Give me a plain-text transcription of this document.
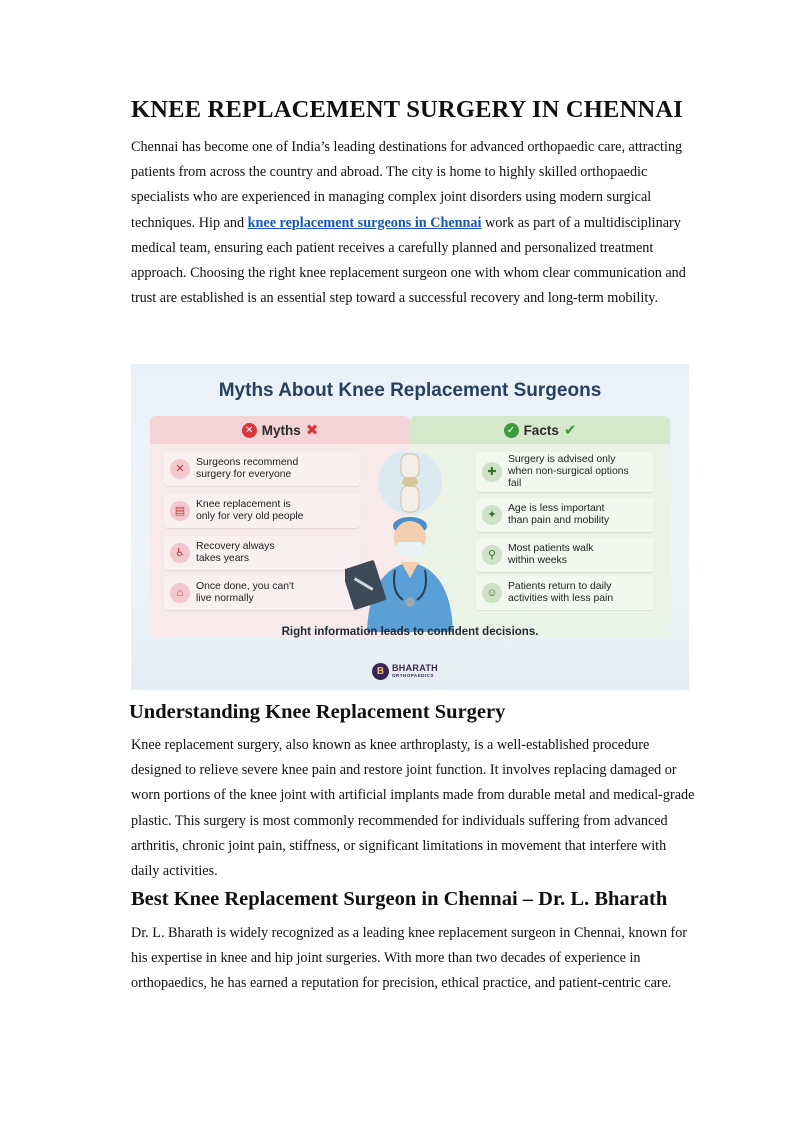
KNEE REPLACEMENT SURGERY IN CHENNAI

Chennai has become one of India’s leading destinations for advanced orthopaedic care, attracting patients from across the country and abroad. The city is home to highly skilled orthopaedic specialists who are experienced in managing complex joint disorders using modern surgical techniques. Hip and knee replacement surgeons in Chennai work as part of a multidisciplinary medical team, ensuring each patient receives a carefully planned and personalized treatment approach. Choosing the right knee replacement surgeon one with whom clear communication and trust are established is an essential step toward a successful recovery and long-term mobility.

Myths About Knee Replacement Surgeons
✕ Myths ✖
✕
Surgeons recommend
surgery for everyone
▤
Knee replacement is
only for very old people
♿
Recovery always
takes years
⌂
Once done, you can't
live normally
✓ Facts ✔
✚
Surgery is advised only
when non-surgical options
fail
✦
Age is less important
than pain and mobility
⚲
Most patients walk
within weeks
☺
Patients return to daily
activities with less pain
Right information leads to confident decisions.
B BHARATH
ORTHOPAEDICS
Understanding Knee Replacement Surgery

Knee replacement surgery, also known as knee arthroplasty, is a well-established procedure designed to relieve severe knee pain and restore joint function. It involves replacing damaged or worn portions of the knee joint with artificial implants made from durable metal and medical-grade plastic. This surgery is most commonly recommended for individuals suffering from advanced arthritis, chronic joint pain, stiffness, or significant limitations in movement that interfere with daily activities.

Best Knee Replacement Surgeon in Chennai – Dr. L. Bharath

Dr. L. Bharath is widely recognized as a leading knee replacement surgeon in Chennai, known for his expertise in knee and hip joint surgeries. With more than two decades of experience in orthopaedics, he has earned a reputation for precision, ethical practice, and patient-centric care.
